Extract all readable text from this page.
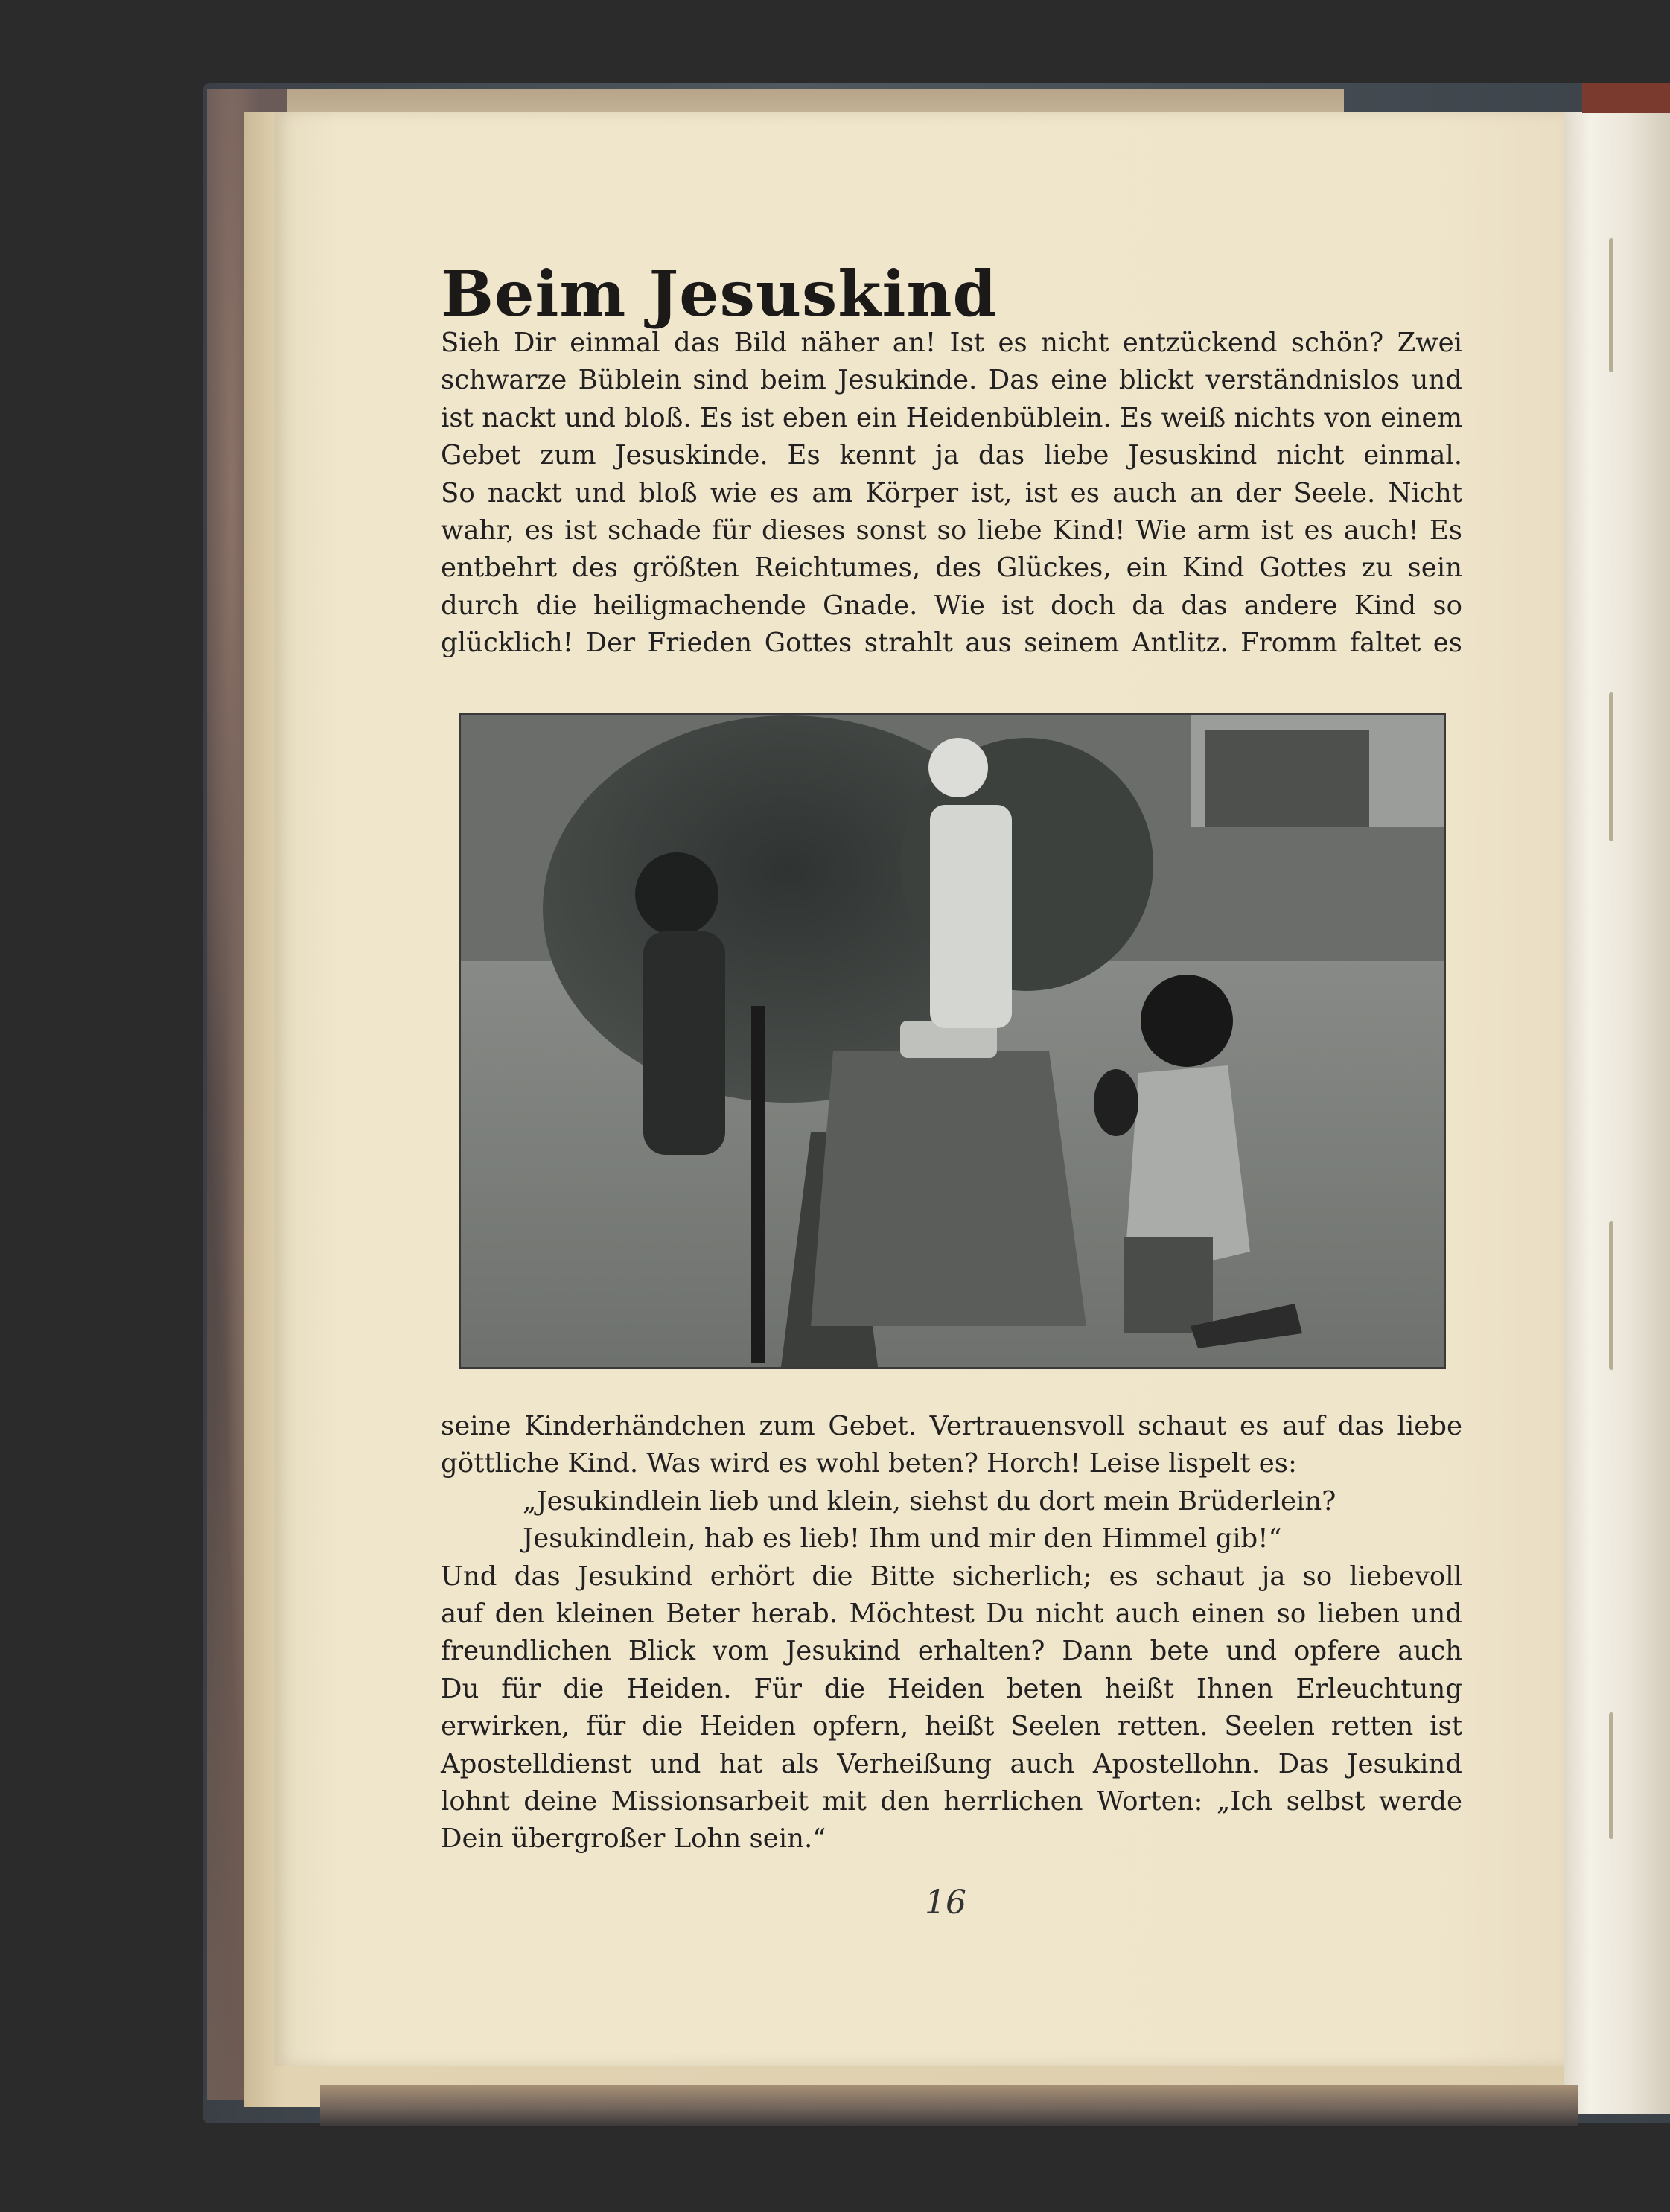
Beim Jesuskind
Sieh Dir einmal das Bild näher an! Ist es nicht entzückend schön? Zwei
schwarze Büblein sind beim Jesukinde. Das eine blickt verständnislos und
ist nackt und bloß. Es ist eben ein Heidenbüblein. Es weiß nichts von einem
Gebet zum Jesuskinde. Es kennt ja das liebe Jesuskind nicht einmal.
So nackt und bloß wie es am Körper ist, ist es auch an der Seele. Nicht
wahr, es ist schade für dieses sonst so liebe Kind! Wie arm ist es auch! Es
entbehrt des größten Reichtumes, des Glückes, ein Kind Gottes zu sein
durch die heiligmachende Gnade. Wie ist doch da das andere Kind so
glücklich! Der Frieden Gottes strahlt aus seinem Antlitz. Fromm faltet es
seine Kinderhändchen zum Gebet. Vertrauensvoll schaut es auf das liebe
göttliche Kind. Was wird es wohl beten? Horch! Leise lispelt es:
„Jesukindlein lieb und klein, siehst du dort mein Brüderlein?
Jesukindlein, hab es lieb! Ihm und mir den Himmel gib!“
Und das Jesukind erhört die Bitte sicherlich; es schaut ja so liebevoll
auf den kleinen Beter herab. Möchtest Du nicht auch einen so lieben und
freundlichen Blick vom Jesukind erhalten? Dann bete und opfere auch
Du für die Heiden. Für die Heiden beten heißt Ihnen Erleuchtung
erwirken, für die Heiden opfern, heißt Seelen retten. Seelen retten ist
Apostelldienst und hat als Verheißung auch Apostellohn. Das Jesukind
lohnt deine Missionsarbeit mit den herrlichen Worten: „Ich selbst werde
Dein übergroßer Lohn sein.“
16
